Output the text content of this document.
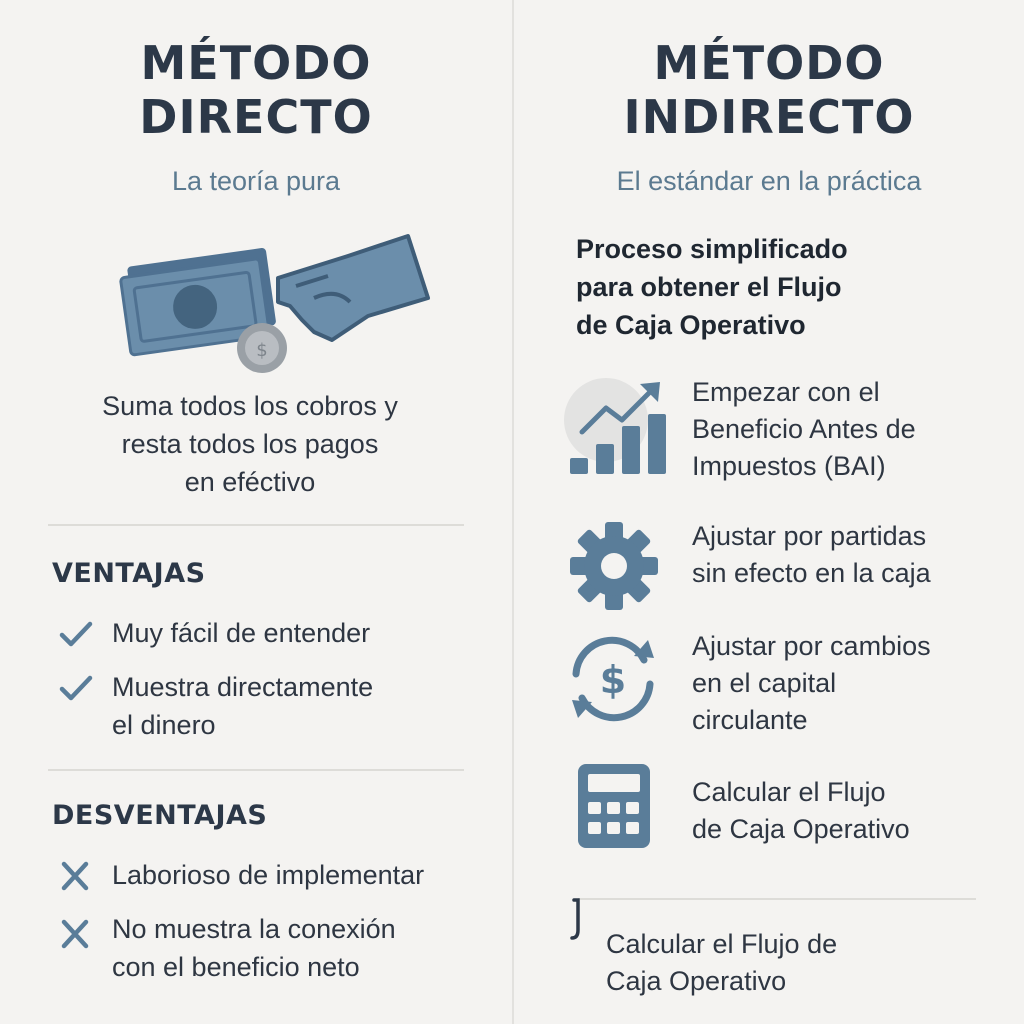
MÉTODO
DIRECTO

La teoría pura

$
Suma todos los cobros y
resta todos los pagos
en eféctivo
VENTAJAS
Muy fácil de entender
Muestra directamente
el dinero
DESVENTAJAS
Laborioso de implementar
No muestra la conexión
con el beneficio neto
MÉTODO
INDIRECTO

El estándar en la práctica

Proceso simplificado
para obtener el Flujo
de Caja Operativo
Empezar con el
Beneficio Antes de
Impuestos (BAI)
Ajustar por partidas
sin efecto en la caja
$
Ajustar por cambios
en el capital
circulante
Calcular el Flujo
de Caja Operativo
Calcular el Flujo de
Caja Operativo
